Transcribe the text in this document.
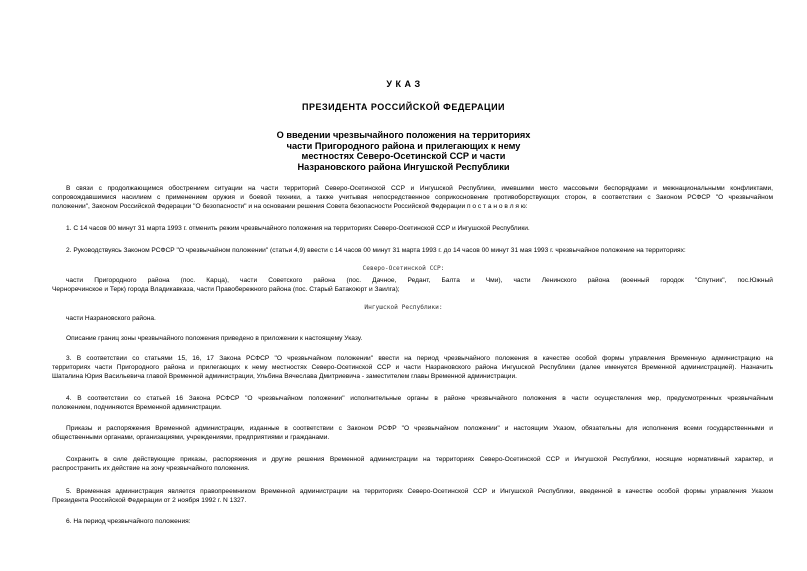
У К А З
ПРЕЗИДЕНТА РОССИЙСКОЙ ФЕДЕРАЦИИ
О введении чрезвычайного положения на территориях
части Пригородного района и прилегающих к нему
местностях Северо-Осетинской ССР и части
Назрановского района Ингушской Республики
В связи с продолжающимся обострением ситуации на части территорий Северо-Осетинской ССР и Ингушской Республики, имевшими место массовыми беспорядками и межнациональными конфликтами,
сопровождавшимися насилием с применением оружия и боевой техники, а также учитывая непосредственное соприкосновение противоборствующих сторон, в соответствии с Законом РСФСР "О чрезвычайном
положении", Законом Российской Федерации "О безопасности" и на основании решения Совета безопасности Российской Федерации п о с т а н о в л я ю:
1. С 14 часов 00 минут 31 марта 1993 г. отменить режим чрезвычайного положения на территориях Северо-Осетинской ССР и Ингушской Республики.
2. Руководствуясь Законом РСФСР "О чрезвычайном положении" (статьи 4,9) ввести с 14 часов 00 минут 31 марта 1993 г. до 14 часов 00 минут 31 мая 1993 г. чрезвычайное положение на территориях:
Северо-Осетинской ССР:
части Пригородного района (пос. Карца), части Советского района (пос. Дачное, Редант, Балта и Чми), части Ленинского района (военный городок "Спутник", пос.Южный
Черноречинское и Терк) города Владикавказа, части Правобережного района (пос. Старый Батакоюрт и Заилга);
Ингушской Республики:
части Назрановского района.
Описание границ зоны чрезвычайного положения приведено в приложении к настоящему Указу.
3. В соответствии со статьями 15, 16, 17 Закона РСФСР "О чрезвычайном положении" ввести на период чрезвычайного положения в качестве особой формы управления Временную администрацию на
территориях части Пригородного района и прилегающих к нему местностях Северо-Осетинской ССР и части Назрановского района Ингушской Республики (далее именуется Временной администрацией). Назначить
Шаталина Юрия Васильевича главой Временной администрации, Ульбина Вячеслава Дмитриевича - заместителем главы Временной администрации.
4. В соответствии со статьей 16 Закона РСФСР "О чрезвычайном положении" исполнительные органы в районе чрезвычайного положения в части осуществления мер, предусмотренных чрезвычайным
положением, подчиняются Временной администрации.
Приказы и распоряжения Временной администрации, изданные в соответствии с Законом РСФР "О чрезвычайном положении" и настоящим Указом, обязательны для исполнения всеми государственными и
общественными органами, организациями, учреждениями, предприятиями и гражданами.
Сохранить в силе действующие приказы, распоряжения и другие решения Временной администрации на территориях Северо-Осетинской ССР и Ингушской Республики, носящие нормативный характер, и
распространить их действие на зону чрезвычайного положения.
5. Временная администрация является правопреемником Временной администрации на территориях Северо-Осетинской ССР и Ингушской Республики, введенной в качестве особой формы управления Указом
Президента Российской Федерации от 2 ноября 1992 г. N 1327.
6. На период чрезвычайного положения:
